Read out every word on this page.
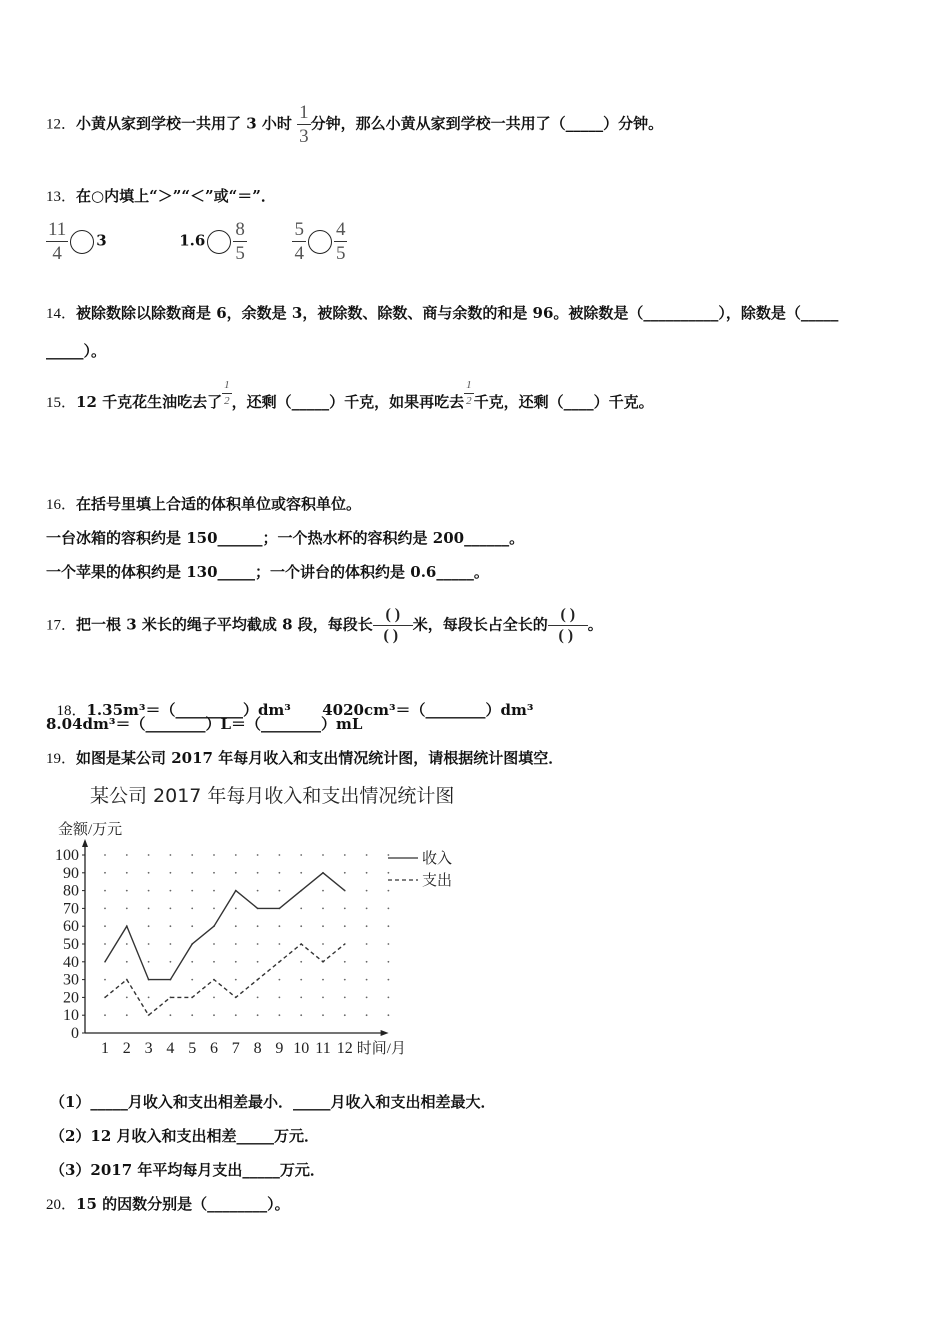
12．小黄从家到学校一共用了 3 小时 $\frac{1}{3}$ 分钟，那么小黄从家到学校一共用了（_____）分钟。
13．在○内填上“＞”“＜”或“＝”．
$\frac{11}{4} 3$	$1.6 \frac{8}{5}$
$\frac{5}{4} \frac{4}{5}$
14．被除数除以除数商是 6，余数是 3，被除数、除数、商与余数的和是 96。被除数是（__________），除数是（_____
_____）。
15．12 千克花生油吃去了 $\frac{1}{2}$ ，还剩（_____）千克，如果再吃去 $\frac{1}{2}$ 千克，还剩（____）千克。
16．在括号里填上合适的体积单位或容积单位。
一台冰箱的容积约是 150______；一个热水杯的容积约是 200______。
一个苹果的体积约是 130_____；一个讲台的体积约是 0.6_____。
17．把一根 3 米长的绳子平均截成 8 段，每段长 $\frac{( )}{( )}$ 米，每段长占全长的 $\frac{( )}{( )}$ 。

18．1.35m³＝（_________）dm³      4020cm³＝（________）dm³

8.04dm³＝（________）L＝（________）mL
19．如图是某公司 2017 年每月收入和支出情况统计图，请根据统计图填空．
某公司 2017 年每月收入和支出情况统计图
0
10
20
30
40
50
60
70
80
90
100
金额/万元
1 2 3 4 5 6 7 8 9 10 11 12 时间/月
收入
支出
（1）_____月收入和支出相差最小．_____月收入和支出相差最大．
（2）12 月收入和支出相差_____万元．
（3）2017 年平均每月支出_____万元．
20．15 的因数分别是（________）。
